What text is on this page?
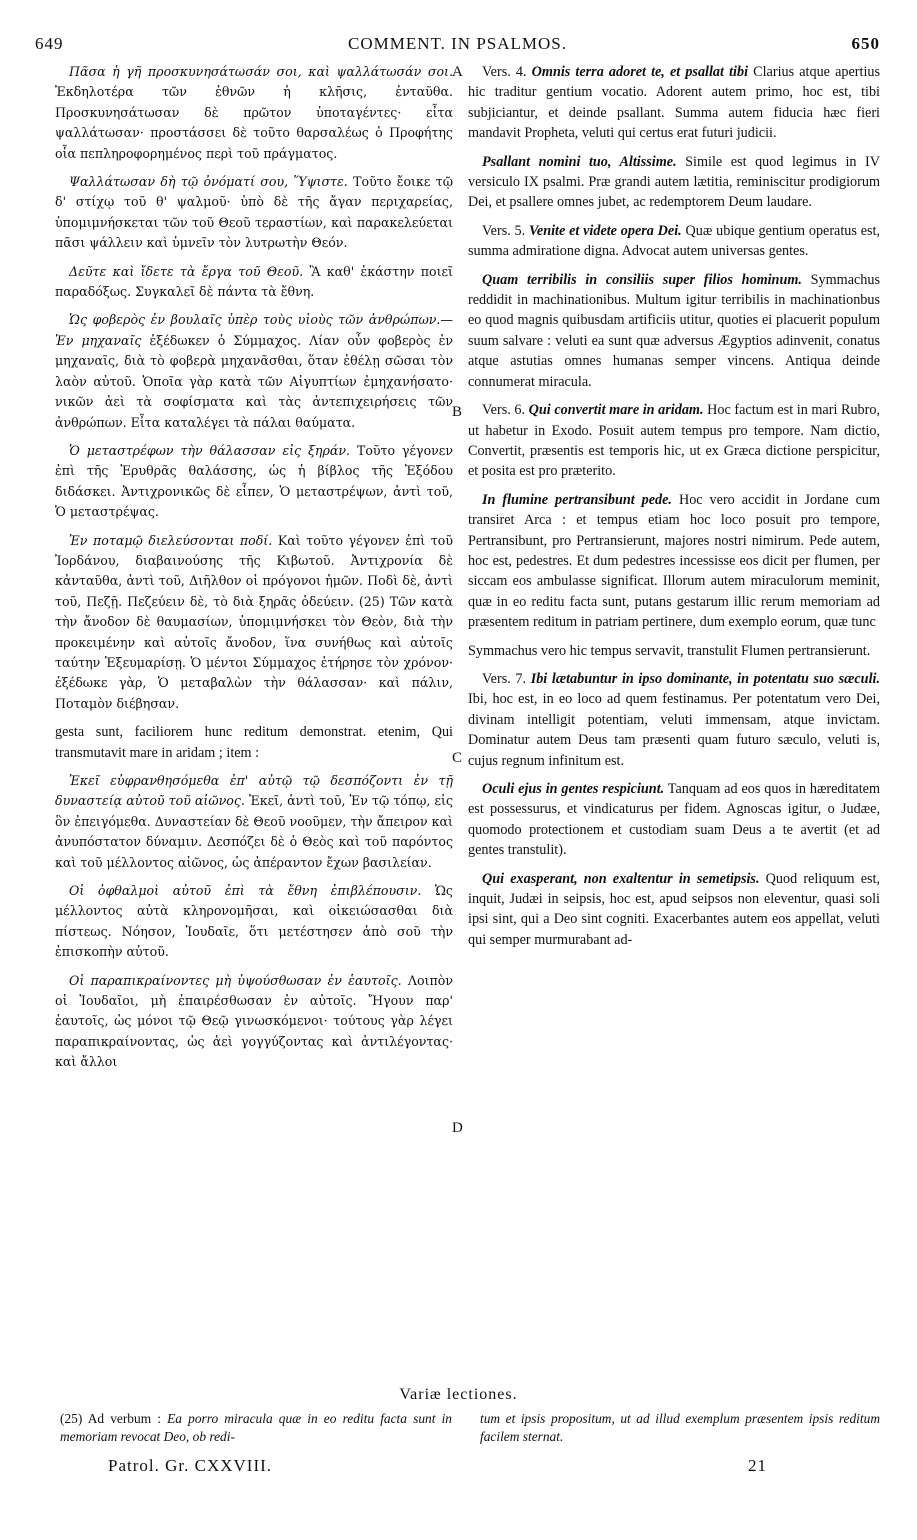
649	COMMENT. IN PSALMOS.	650

Πᾶσα ἡ γῆ προσκυνησάτωσάν σοι, καὶ ψαλλάτωσάν σοι. Ἐκδηλοτέρα τῶν ἐθνῶν ἡ κλῆσις, ἐνταῦθα. Προσκυνησάτωσαν δὲ πρῶτον ὑποταγέντες· εἶτα ψαλλάτωσαν· προστάσσει δὲ τοῦτο θαρσαλέως ὁ Προφήτης οἷα πεπληροφορημένος περὶ τοῦ πράγματος.

Ψαλλάτωσαν δὴ τῷ ὀνόματί σου, Ὕψιστε. Τοῦτο ἔοικε τῷ δ' στίχῳ τοῦ θ' ψαλμοῦ· ὑπὸ δὲ τῆς ἄγαν περιχαρείας, ὑπομιμνήσκεται τῶν τοῦ Θεοῦ τεραστίων, καὶ παρακελεύεται πᾶσι ψάλλειν καὶ ὑμνεῖν τὸν λυτρωτὴν Θεόν.

Δεῦτε καὶ ἴδετε τὰ ἔργα τοῦ Θεοῦ. Ἃ καθ' ἑκάστην ποιεῖ παραδόξως. Συγκαλεῖ δὲ πάντα τὰ ἔθνη.

Ὡς φοβερὸς ἐν βουλαῖς ὑπὲρ τοὺς υἱοὺς τῶν ἀνθρώπων.—Ἐν μηχαναῖς ἐξέδωκεν ὁ Σύμμαχος. Λίαν οὖν φοβερὸς ἐν μηχαναῖς, διὰ τὸ φοβερὰ μηχανᾶσθαι, ὅταν ἐθέλῃ σῶσαι τὸν λαὸν αὐτοῦ. Ὁποῖα γὰρ κατὰ τῶν Αἰγυπτίων ἐμηχανήσατο· νικῶν ἀεὶ τὰ σοφίσματα καὶ τὰς ἀντεπιχειρήσεις τῶν ἀνθρώπων. Εἶτα καταλέγει τὰ πάλαι θαύματα.

Ὁ μεταστρέφων τὴν θάλασσαν εἰς ξηράν. Τοῦτο γέγονεν ἐπὶ τῆς Ἐρυθρᾶς θαλάσσης, ὡς ἡ βίβλος τῆς Ἐξόδου διδάσκει. Ἀντιχρονικῶς δὲ εἶπεν, Ὁ μεταστρέψων, ἀντὶ τοῦ, Ὁ μεταστρέψας.

Ἐν ποταμῷ διελεύσονται ποδί. Καὶ τοῦτο γέγονεν ἐπὶ τοῦ Ἰορδάνου, διαβαινούσης τῆς Κιβωτοῦ. Ἀντιχρονία δὲ κἀνταῦθα, ἀντὶ τοῦ, Διῆλθον οἱ πρόγονοι ἡμῶν. Ποδὶ δὲ, ἀντὶ τοῦ, Πεζῇ. Πεζεύειν δὲ, τὸ διὰ ξηρᾶς ὁδεύειν. (25) Τῶν κατὰ τὴν ἄνοδον δὲ θαυμασίων, ὑπομιμνήσκει τὸν Θεὸν, διὰ τὴν προκειμένην καὶ αὐτοῖς ἄνοδον, ἵνα συνήθως καὶ αὐτοῖς ταύτην Ἐξευμαρίσῃ. Ὁ μέντοι Σύμμαχος ἐτήρησε τὸν χρόνον· ἐξέδωκε γὰρ, Ὁ μεταβαλὼν τὴν θάλασσαν· καὶ πάλιν, Ποταμὸν διέβησαν.

gesta sunt, faciliorem hunc reditum demonstrat. etenim, Qui transmutavit mare in aridam ; item :

Ἐκεῖ εὐφρανθησόμεθα ἐπ' αὐτῷ τῷ δεσπόζοντι ἐν τῇ δυναστείᾳ αὐτοῦ τοῦ αἰῶνος. Ἐκεῖ, ἀντὶ τοῦ, Ἐν τῷ τόπῳ, εἰς ὃν ἐπειγόμεθα. Δυναστείαν δὲ Θεοῦ νοοῦμεν, τὴν ἄπειρον καὶ ἀνυπόστατον δύναμιν. Δεσπόζει δὲ ὁ Θεὸς καὶ τοῦ παρόντος καὶ τοῦ μέλλοντος αἰῶνος, ὡς ἀπέραντον ἔχων βασιλείαν.

Οἱ ὀφθαλμοὶ αὐτοῦ ἐπὶ τὰ ἔθνη ἐπιβλέπουσιν. Ὡς μέλλοντος αὐτὰ κληρονομῆσαι, καὶ οἰκειώσασθαι διὰ πίστεως. Νόησον, Ἰουδαῖε, ὅτι μετέστησεν ἀπὸ σοῦ τὴν ἐπισκοπὴν αὐτοῦ.

Οἱ παραπικραίνοντες μὴ ὑψούσθωσαν ἐν ἑαυτοῖς. Λοιπὸν οἱ Ἰουδαῖοι, μὴ ἐπαιρέσθωσαν ἐν αὐτοῖς. Ἤγουν παρ' ἑαυτοῖς, ὡς μόνοι τῷ Θεῷ γινωσκόμενοι· τούτους γὰρ λέγει παραπικραίνοντας, ὡς ἀεὶ γογγύζοντας καὶ ἀντιλέγοντας· καὶ ἄλλοι

Vers. 4. Omnis terra adoret te, et psallat tibi Clarius atque apertius hic traditur gentium vocatio. Adorent autem primo, hoc est, tibi subjiciantur, et deinde psallant. Summa autem fiducia hæc fieri mandavit Propheta, veluti qui certus erat futuri judicii.

Psallant nomini tuo, Altissime. Simile est quod legimus in IV versiculo IX psalmi. Præ grandi autem lætitia, reminiscitur prodigiorum Dei, et psallere omnes jubet, ac redemptorem Deum laudare.

Vers. 5. Venite et videte opera Dei. Quæ ubique gentium operatus est, summa admiratione digna. Advocat autem universas gentes.

Quam terribilis in consiliis super filios hominum. Symmachus reddidit in machinationibus. Multum igitur terribilis in machinationbus eo quod magnis quibusdam artificiis utitur, quoties ei placuerit populum suum salvare : veluti ea sunt quæ adversus Ægyptios adinvenit, conatus atque astutias omnes humanas semper vincens. Antiqua deinde connumerat miracula.

Vers. 6. Qui convertit mare in aridam. Hoc factum est in mari Rubro, ut habetur in Exodo. Posuit autem tempus pro tempore. Nam dictio, Convertit, præsentis est temporis hic, ut ex Græca dictione perspicitur, et posita est pro præterito.

In flumine pertransibunt pede. Hoc vero accidit in Jordane cum transiret Arca : et tempus etiam hoc loco posuit pro tempore, Pertransibunt, pro Pertransierunt, majores nostri nimirum. Pede autem, hoc est, pedestres. Et dum pedestres incessisse eos dicit per flumen, per siccam eos ambulasse significat. Illorum autem miraculorum meminit, quæ in eo reditu facta sunt, putans gestarum illic rerum memoriam ad præsentem reditum in patriam pertinere, dum exemplo eorum, quæ tunc

Symmachus vero hic tempus servavit, transtulit Flumen pertransierunt.

Vers. 7. Ibi lætabuntur in ipso dominante, in potentatu suo sæculi. Ibi, hoc est, in eo loco ad quem festinamus. Per potentatum vero Dei, divinam intelligit potentiam, veluti immensam, atque invictam. Dominatur autem Deus tam præsenti quam futuro sæculo, veluti is, cujus regnum infinitum est.

Oculi ejus in gentes respiciunt. Tanquam ad eos quos in hæreditatem est possessurus, et vindicaturus per fidem. Agnoscas igitur, o Judæe, quomodo protectionem et custodiam suam Deus a te avertit (et ad gentes transtulit).

Qui exasperant, non exaltentur in semetipsis. Quod reliquum est, inquit, Judæi in seipsis, hoc est, apud seipsos non eleventur, quasi soli ipsi sint, qui a Deo sint cogniti. Exacerbantes autem eos appellat, veluti qui semper murmurabant ad-

A
B
C
D
Variæ lectiones.
(25) Ad verbum : Ea porro miracula quæ in eo reditu facta sunt in memoriam revocat Deo, ob redi-
tum et ipsis propositum, ut ad illud exemplum præsentem ipsis reditum facilem sternat.
Patrol. Gr. CXXVIII.	21
